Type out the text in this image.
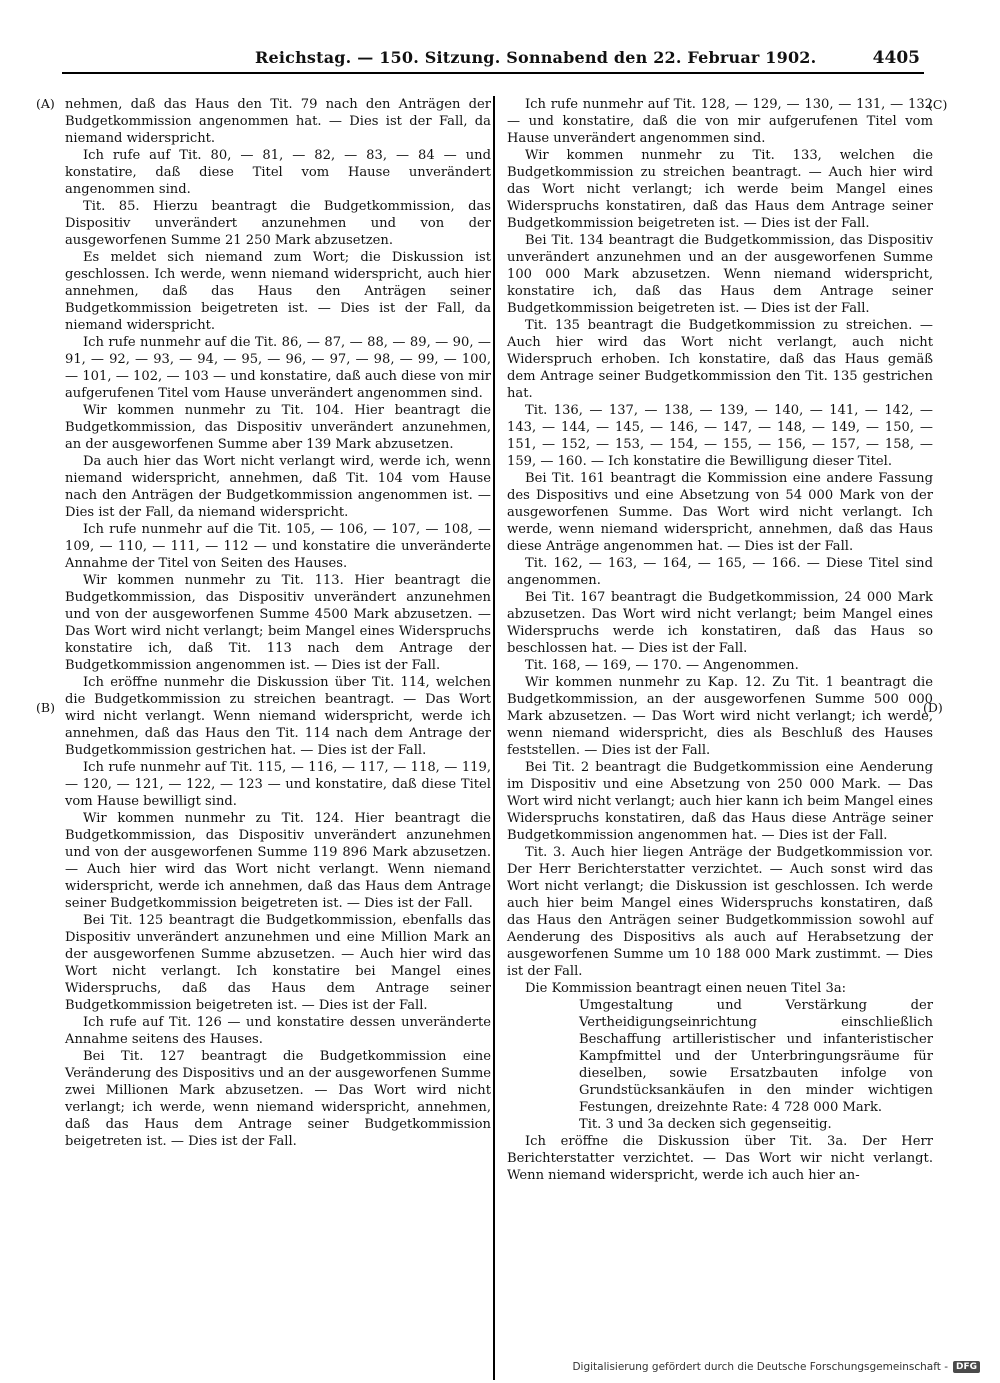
Reichstag. — 150. Sitzung. Sonnabend den 22. Februar 1902.	4405
(A)
(B)
(C)
(D)

nehmen, daß das Haus den Tit. 79 nach den Anträgen der Budgetkommission angenommen hat. — Dies ist der Fall, da niemand widerspricht.

Ich rufe auf Tit. 80, — 81, — 82, — 83, — 84 — und konstatire, daß diese Titel vom Hause unverändert angenommen sind.

Tit. 85. Hierzu beantragt die Budgetkommission, das Dispositiv unverändert anzunehmen und von der ausgeworfenen Summe 21 250 Mark abzusetzen.

Es meldet sich niemand zum Wort; die Diskussion ist geschlossen. Ich werde, wenn niemand widerspricht, auch hier annehmen, daß das Haus den Anträgen seiner Budgetkommission beigetreten ist. — Dies ist der Fall, da niemand widerspricht.

Ich rufe nunmehr auf die Tit. 86, — 87, — 88, — 89, — 90, — 91, — 92, — 93, — 94, — 95, — 96, — 97, — 98, — 99, — 100, — 101, — 102, — 103 — und konstatire, daß auch diese von mir aufgerufenen Titel vom Hause unverändert angenommen sind.

Wir kommen nunmehr zu Tit. 104. Hier beantragt die Budgetkommission, das Dispositiv unverändert anzunehmen, an der ausgeworfenen Summe aber 139 Mark abzusetzen.

Da auch hier das Wort nicht verlangt wird, werde ich, wenn niemand widerspricht, annehmen, daß Tit. 104 vom Hause nach den Anträgen der Budgetkommission angenommen ist. — Dies ist der Fall, da niemand widerspricht.

Ich rufe nunmehr auf die Tit. 105, — 106, — 107, — 108, — 109, — 110, — 111, — 112 — und konstatire die unveränderte Annahme der Titel von Seiten des Hauses.

Wir kommen nunmehr zu Tit. 113. Hier beantragt die Budgetkommission, das Dispositiv unverändert anzunehmen und von der ausgeworfenen Summe 4500 Mark abzusetzen. — Das Wort wird nicht verlangt; beim Mangel eines Widerspruchs konstatire ich, daß Tit. 113 nach dem Antrage der Budgetkommission angenommen ist. — Dies ist der Fall.

Ich eröffne nunmehr die Diskussion über Tit. 114, welchen die Budgetkommission zu streichen beantragt. — Das Wort wird nicht verlangt. Wenn niemand widerspricht, werde ich annehmen, daß das Haus den Tit. 114 nach dem Antrage der Budgetkommission gestrichen hat. — Dies ist der Fall.

Ich rufe nunmehr auf Tit. 115, — 116, — 117, — 118, — 119, — 120, — 121, — 122, — 123 — und konstatire, daß diese Titel vom Hause bewilligt sind.

Wir kommen nunmehr zu Tit. 124. Hier beantragt die Budgetkommission, das Dispositiv unverändert anzunehmen und von der ausgeworfenen Summe 119 896 Mark abzusetzen. — Auch hier wird das Wort nicht verlangt. Wenn niemand widerspricht, werde ich annehmen, daß das Haus dem Antrage seiner Budgetkommission beigetreten ist. — Dies ist der Fall.

Bei Tit. 125 beantragt die Budgetkommission, ebenfalls das Dispositiv unverändert anzunehmen und eine Million Mark an der ausgeworfenen Summe abzusetzen. — Auch hier wird das Wort nicht verlangt. Ich konstatire bei Mangel eines Widerspruchs, daß das Haus dem Antrage seiner Budgetkommission beigetreten ist. — Dies ist der Fall.

Ich rufe auf Tit. 126 — und konstatire dessen unveränderte Annahme seitens des Hauses.

Bei Tit. 127 beantragt die Budgetkommission eine Veränderung des Dispositivs und an der ausgeworfenen Summe zwei Millionen Mark abzusetzen. — Das Wort wird nicht verlangt; ich werde, wenn niemand widerspricht, annehmen, daß das Haus dem Antrage seiner Budgetkommission beigetreten ist. — Dies ist der Fall.

Ich rufe nunmehr auf Tit. 128, — 129, — 130, — 131, — 132 — und konstatire, daß die von mir aufgerufenen Titel vom Hause unverändert angenommen sind.

Wir kommen nunmehr zu Tit. 133, welchen die Budgetkommission zu streichen beantragt. — Auch hier wird das Wort nicht verlangt; ich werde beim Mangel eines Widerspruchs konstatiren, daß das Haus dem Antrage seiner Budgetkommission beigetreten ist. — Dies ist der Fall.

Bei Tit. 134 beantragt die Budgetkommission, das Dispositiv unverändert anzunehmen und an der ausgeworfenen Summe 100 000 Mark abzusetzen. Wenn niemand widerspricht, konstatire ich, daß das Haus dem Antrage seiner Budgetkommission beigetreten ist. — Dies ist der Fall.

Tit. 135 beantragt die Budgetkommission zu streichen. — Auch hier wird das Wort nicht verlangt, auch nicht Widerspruch erhoben. Ich konstatire, daß das Haus gemäß dem Antrage seiner Budgetkommission den Tit. 135 gestrichen hat.

Tit. 136, — 137, — 138, — 139, — 140, — 141, — 142, — 143, — 144, — 145, — 146, — 147, — 148, — 149, — 150, — 151, — 152, — 153, — 154, — 155, — 156, — 157, — 158, — 159, — 160. — Ich konstatire die Bewilligung dieser Titel.

Bei Tit. 161 beantragt die Kommission eine andere Fassung des Dispositivs und eine Absetzung von 54 000 Mark von der ausgeworfenen Summe. Das Wort wird nicht verlangt. Ich werde, wenn niemand widerspricht, annehmen, daß das Haus diese Anträge angenommen hat. — Dies ist der Fall.

Tit. 162, — 163, — 164, — 165, — 166. — Diese Titel sind angenommen.

Bei Tit. 167 beantragt die Budgetkommission, 24 000 Mark abzusetzen. Das Wort wird nicht verlangt; beim Mangel eines Widerspruchs werde ich konstatiren, daß das Haus so beschlossen hat. — Dies ist der Fall.

Tit. 168, — 169, — 170. — Angenommen.

Wir kommen nunmehr zu Kap. 12. Zu Tit. 1 beantragt die Budgetkommission, an der ausgeworfenen Summe 500 000 Mark abzusetzen. — Das Wort wird nicht verlangt; ich werde, wenn niemand widerspricht, dies als Beschluß des Hauses feststellen. — Dies ist der Fall.

Bei Tit. 2 beantragt die Budgetkommission eine Aenderung im Dispositiv und eine Absetzung von 250 000 Mark. — Das Wort wird nicht verlangt; auch hier kann ich beim Mangel eines Widerspruchs konstatiren, daß das Haus diese Anträge seiner Budgetkommission angenommen hat. — Dies ist der Fall.

Tit. 3. Auch hier liegen Anträge der Budgetkommission vor. Der Herr Berichterstatter verzichtet. — Auch sonst wird das Wort nicht verlangt; die Diskussion ist geschlossen. Ich werde auch hier beim Mangel eines Widerspruchs konstatiren, daß das Haus den Anträgen seiner Budgetkommission sowohl auf Aenderung des Dispositivs als auch auf Herabsetzung der ausgeworfenen Summe um 10 188 000 Mark zustimmt. — Dies ist der Fall.

Die Kommission beantragt einen neuen Titel 3a:

Umgestaltung und Verstärkung der Vertheidigungseinrichtung einschließlich Beschaffung artilleristischer und infanteristischer Kampfmittel und der Unterbringungsräume für dieselben, sowie Ersatzbauten infolge von Grundstücksankäufen in den minder wichtigen Festungen, dreizehnte Rate: 4 728 000 Mark.

Tit. 3 und 3a decken sich gegenseitig.

Ich eröffne die Diskussion über Tit. 3a. Der Herr Berichterstatter verzichtet. — Das Wort wir nicht verlangt. Wenn niemand widerspricht, werde ich auch hier an-

Digitalisierung gefördert durch die Deutsche Forschungsgemeinschaft - DFG
